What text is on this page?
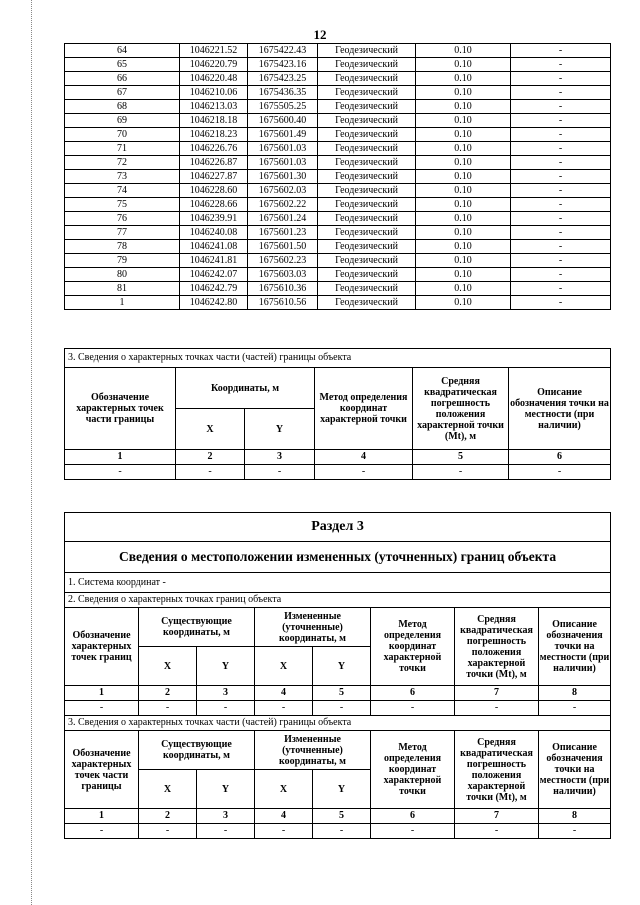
12
64	1046221.52	1675422.43	Геодезический	0.10	-
65	1046220.79	1675423.16	Геодезический	0.10	-
66	1046220.48	1675423.25	Геодезический	0.10	-
67	1046210.06	1675436.35	Геодезический	0.10	-
68	1046213.03	1675505.25	Геодезический	0.10	-
69	1046218.18	1675600.40	Геодезический	0.10	-
70	1046218.23	1675601.49	Геодезический	0.10	-
71	1046226.76	1675601.03	Геодезический	0.10	-
72	1046226.87	1675601.03	Геодезический	0.10	-
73	1046227.87	1675601.30	Геодезический	0.10	-
74	1046228.60	1675602.03	Геодезический	0.10	-
75	1046228.66	1675602.22	Геодезический	0.10	-
76	1046239.91	1675601.24	Геодезический	0.10	-
77	1046240.08	1675601.23	Геодезический	0.10	-
78	1046241.08	1675601.50	Геодезический	0.10	-
79	1046241.81	1675602.23	Геодезический	0.10	-
80	1046242.07	1675603.03	Геодезический	0.10	-
81	1046242.79	1675610.36	Геодезический	0.10	-
1	1046242.80	1675610.56	Геодезический	0.10	-
3. Сведения о характерных точках части (частей) границы объекта					
Обозначение характерных точек части границы	Координаты, м		Метод определения координат характерной точки	Средняя квадратическая погрешность положения характерной точки (Mt), м	Описание обозначения точки на местности (при наличии)
	X	Y			
1	2	3	4	5	6
-	-	-	-	-	-
Раздел 3							
Сведения о местоположении измененных (уточненных) границ объекта							
1. Система координат -							
2. Сведения о характерных точках границ объекта							
Обозначение характерных точек границ	Существующие координаты, м		Измененные (уточненные) координаты, м		Метод определения координат характерной точки	Средняя квадратическая погрешность положения характерной точки (Mt), м	Описание обозначения точки на местности (при наличии)
	X	Y	X	Y			
1	2	3	4	5	6	7	8
-	-	-	-	-	-	-	-
3. Сведения о характерных точках части (частей) границы объекта							
Обозначение характерных точек части границы	Существующие координаты, м		Измененные (уточненные) координаты, м		Метод определения координат характерной точки	Средняя квадратическая погрешность положения характерной точки (Mt), м	Описание обозначения точки на местности (при наличии)
	X	Y	X	Y			
1	2	3	4	5	6	7	8
-	-	-	-	-	-	-	-
